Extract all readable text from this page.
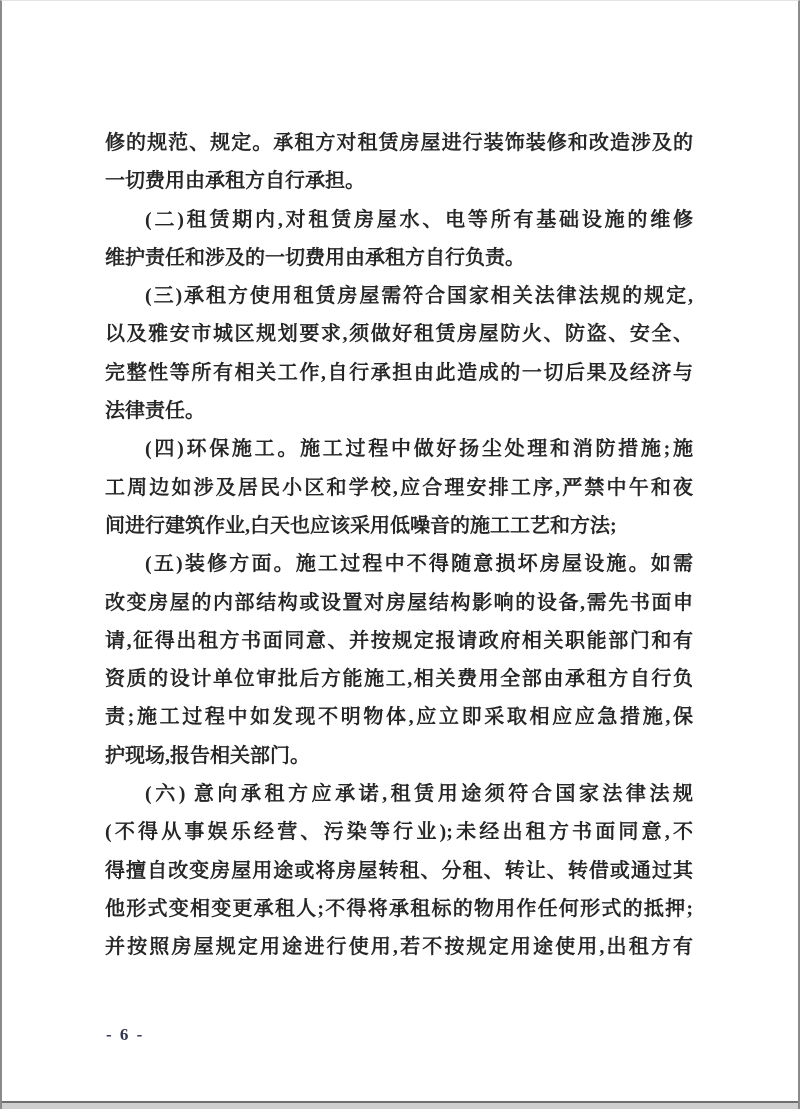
修的规范、规定。承租方对租赁房屋进行装饰装修和改造涉及的
一切费用由承租方自行承担。
(二)租赁期内,对租赁房屋水、电等所有基础设施的维修
维护责任和涉及的一切费用由承租方自行负责。
(三)承租方使用租赁房屋需符合国家相关法律法规的规定,
以及雅安市城区规划要求,须做好租赁房屋防火、防盗、安全、
完整性等所有相关工作,自行承担由此造成的一切后果及经济与
法律责任。
(四)环保施工。施工过程中做好扬尘处理和消防措施;施
工周边如涉及居民小区和学校,应合理安排工序,严禁中午和夜
间进行建筑作业,白天也应该采用低噪音的施工工艺和方法;
(五)装修方面。施工过程中不得随意损坏房屋设施。如需
改变房屋的内部结构或设置对房屋结构影响的设备,需先书面申
请,征得出租方书面同意、并按规定报请政府相关职能部门和有
资质的设计单位审批后方能施工,相关费用全部由承租方自行负
责;施工过程中如发现不明物体,应立即采取相应应急措施,保
护现场,报告相关部门。
(六) 意向承租方应承诺,租赁用途须符合国家法律法规
(不得从事娱乐经营、污染等行业);未经出租方书面同意,不
得擅自改变房屋用途或将房屋转租、分租、转让、转借或通过其
他形式变相变更承租人;不得将承租标的物用作任何形式的抵押;
并按照房屋规定用途进行使用,若不按规定用途使用,出租方有
- 6 -
